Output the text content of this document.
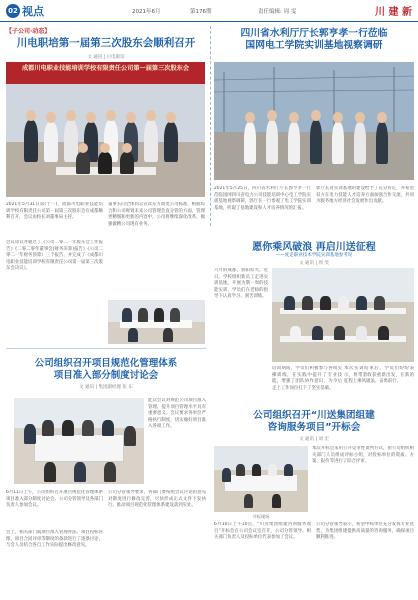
02 视点	2021年6月	第176期	责任编辑: 周 雯	川 建 新
【子公司·动态】
川电职培第一届第三次股东会顺利召开
文 通讯 | 川电职培
成都川电职业技能培训学校有限责任公司第一届第三次股东会
2021年5月31日第(十一)，成都川电职业技能培训学校有限责任公司第一届第三次股东会在成都顺利召开，会议由校长刘董事局主持。
会议审议并通过了《公司二零二一年股东会工作报告》《二零二零年董事会(财务决算)报告》《公司二零二一年财务预算》三个报告，并完成了《成都川电职业技能培训学校有限责任公司第一届第三次股东会决议》。
董事长向全体同志宣读东方政电公司标准，根据综合和公司规划未来公司管理会直分管的方面，管理更精细和更新的内容中，公司将继续深化改革，做强做精公司现有业务。
公司组织召开项目规范化管理体系
项目准入部分制度讨论会
文 通讯 | 集团副经理 张 东
此次会议对规范公司项目准入管理、提升项目管理水平具有重要意义。会议要求各单位严格执行制度，切实做好项目准入各项工作。
6月11日上午，公司组织召开项目规范化管理体系项目准入部分制度讨论会。公司分管领导及各部门负责人参加会议。
会上，相关部门就项目准入管理办法、项目投标管理、项目合同评审等制度的条款进行了逐条讨论，与会人员结合各自工作实际提出修改意见。
公司分管领导要求，各部门要按照会议讨论的意见对制度进行修改完善，尽快形成正式文件下发执行，推动项目规范化管理体系建设落到实处。
四川省水利厅厅长郭亨孝一行莅临
国网电工学院实训基地视察调研
2021年5月25日，四川省水利厅厅长郭亨孝一行莅临国网四川省电力公司技能培训中心电工学院实训基地视察调研，郭厅长一行参观了电工学院实训基地，听取了基地建设和人才培养情况的汇报。
郭厅长对实训基地的建设给予了充分肯定，并希望双方在电力技能人才培养方面加强合作交流，共同为服务地方经济社会发展作出贡献。
愿你乘风破浪 再启川送征程
——度走职业技术学院实训基地参考说
文 通讯 | 周 雯
六月的成都，骄阳似火。近日，学校组织新员工走进实训基地，开展为期一周的技能实训，学员们在老师的指导下认真学习、刻苦训练。
培训期间，学员们积极参与各项实操训练，在实践中提升了专业技能，增强了团队协作意识，为今后走上工作岗位打下了坚实基础。
本次实训结束后，学员们纷纷表示，将带着收获重新出发，在新的征程上乘风破浪、奋勇前行。
公司组织召开“川送集团组建
咨询服务项目”开标会
文 通讯 | 刘 宏
开标现场
本次开标会采用公开竞争性谈判方式，由公司组织相关部门人员组成评标小组，对投标单位的资质、方案、报价等进行了综合评审。
6月10日上午10点，“川送集团组建咨询服务项目”开标会在公司会议室召开，公司分管领导、相关部门负责人及投标单位代表参加了会议。
公司分管领导表示，希望中标单位充分发挥专业优势，为集团组建提供高质量的咨询服务，确保项目顺利推进。
